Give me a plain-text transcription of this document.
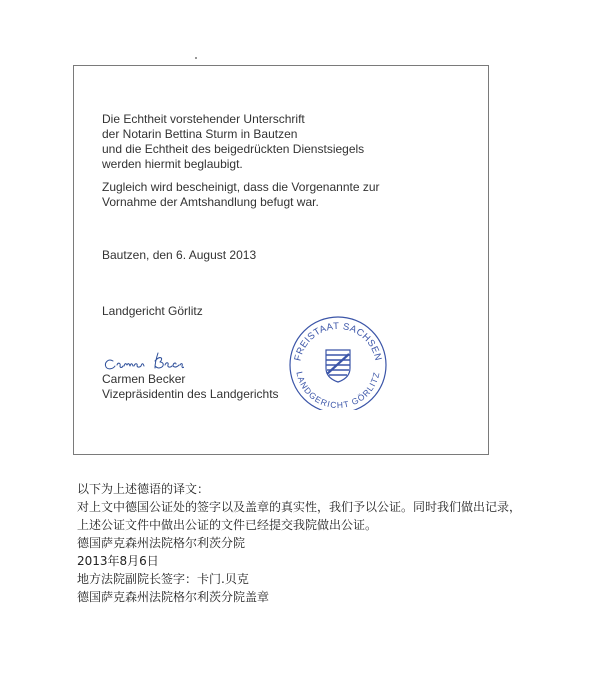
Die Echtheit vorstehender Unterschrift
der Notarin Bettina Sturm in Bautzen
und die Echtheit des beigedrückten Dienstsiegels
werden hiermit beglaubigt.
Zugleich wird bescheinigt, dass die Vorgenannte zur
Vornahme der Amtshandlung befugt war.
Bautzen, den 6. August 2013
Landgericht Görlitz
Carmen Becker
Vizepräsidentin des Landgerichts
FREISTAAT SACHSEN
LANDGERICHT GÖRLITZ
以下为上述德语的译文：
对上文中德国公证处的签字以及盖章的真实性，我们予以公证。同时我们做出记录，
上述公证文件中做出公证的文件已经提交我院做出公证。
德国萨克森州法院格尔利茨分院
2013年8月6日
地方法院副院长签字：卡门.贝克
德国萨克森州法院格尔利茨分院盖章
